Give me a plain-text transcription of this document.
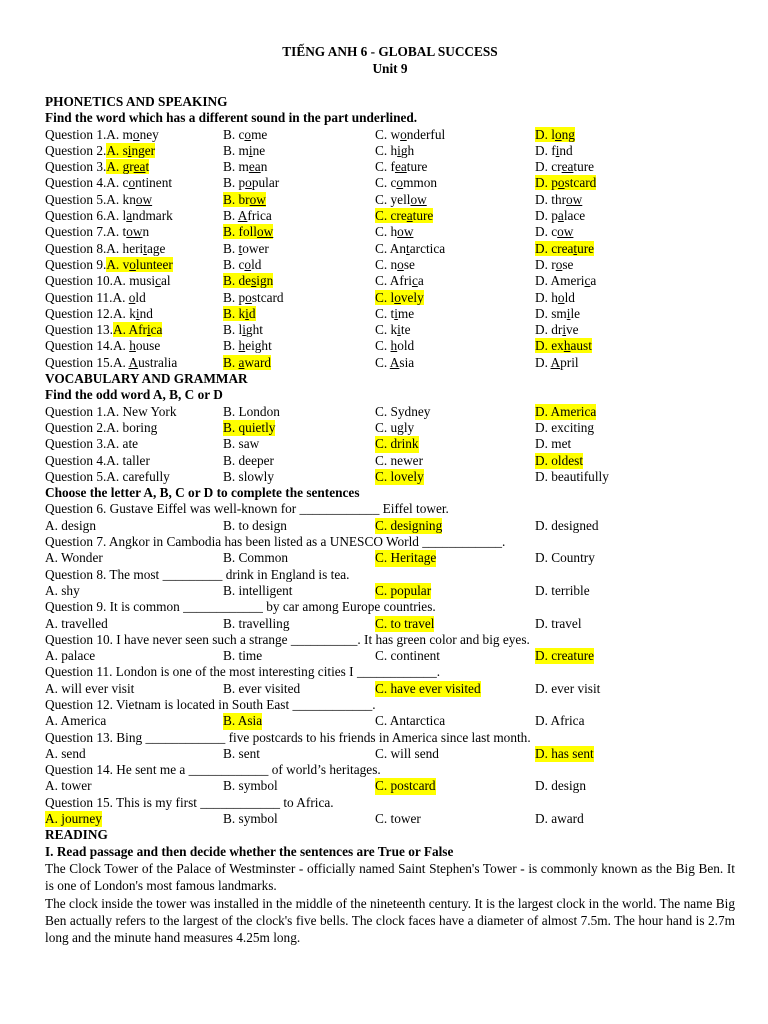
TIẾNG ANH 6 - GLOBAL SUCCESS
Unit 9
PHONETICS AND SPEAKING
Find the word which has a different sound in the part underlined.
Question 1.A. money	B. come	C. wonderful	D. long
Question 2.A. singer	B. mine	C. high	D. find
Question 3.A. great	B. mean	C. feature	D. creature
Question 4.A. continent	B. popular	C. common	D. postcard
Question 5.A. know	B. brow	C. yellow	D. throw
Question 6.A. landmark	B. Africa	C. creature	D. palace
Question 7.A. town	B. follow	C. how	D. cow
Question 8.A. heritage	B. tower	C. Antarctica	D. creature
Question 9.A. volunteer	B. cold	C. nose	D. rose
Question 10.A. musical	B. design	C. Africa	D. America
Question 11.A. old	B. postcard	C. lovely	D. hold
Question 12.A. kind	B. kid	C. time	D. smile
Question 13.A. Africa	B. light	C. kite	D. drive
Question 14.A. house	B. height	C. hold	D. exhaust
Question 15.A. Australia	B. award	C. Asia	D. April
VOCABULARY AND GRAMMAR
Find the odd word A, B, C or D
Question 1.A. New York	B. London	C. Sydney	D. America
Question 2.A. boring	B. quietly	C. ugly	D. exciting
Question 3.A. ate	B. saw	C. drink	D. met
Question 4.A. taller	B. deeper	C. newer	D. oldest
Question 5.A. carefully	B. slowly	C. lovely	D. beautifully
Choose the letter A, B, C or D to complete the sentences
Question 6. Gustave Eiffel was well-known for ____________ Eiffel tower.
A. design	B. to design	C. designing	D. designed
Question 7. Angkor in Cambodia has been listed as a UNESCO World ____________.
A. Wonder	B. Common	C. Heritage	D. Country
Question 8. The most _________ drink in England is tea.
A. shy	B. intelligent	C. popular	D. terrible
Question 9. It is common ____________ by car among Europe countries.
A. travelled	B. travelling	C. to travel	D. travel
Question 10. I have never seen such a strange __________. It has green color and big eyes.
A. palace	B. time	C. continent	D. creature
Question 11. London is one of the most interesting cities I ____________.
A. will ever visit	B. ever visited	C. have ever visited	D. ever visit
Question 12. Vietnam is located in South East ____________.
A. America	B. Asia	C. Antarctica	D. Africa
Question 13. Bing ____________ five postcards to his friends in America since last month.
A. send	B. sent	C. will send	D. has sent
Question 14. He sent me a ____________ of world’s heritages.
A. tower	B. symbol	C. postcard	D. design
Question 15. This is my first ____________ to Africa.
A. journey	B. symbol	C. tower	D. award
READING
I. Read passage and then decide whether the sentences are True or False
The Clock Tower of the Palace of Westminster - officially named Saint Stephen's Tower - is commonly known as the Big Ben. It is one of London's most famous landmarks.
The clock inside the tower was installed in the middle of the nineteenth century. It is the largest clock in the world. The name Big Ben actually refers to the largest of the clock's five bells. The clock faces have a diameter of almost 7.5m. The hour hand is 2.7m long and the minute hand measures 4.25m long.
